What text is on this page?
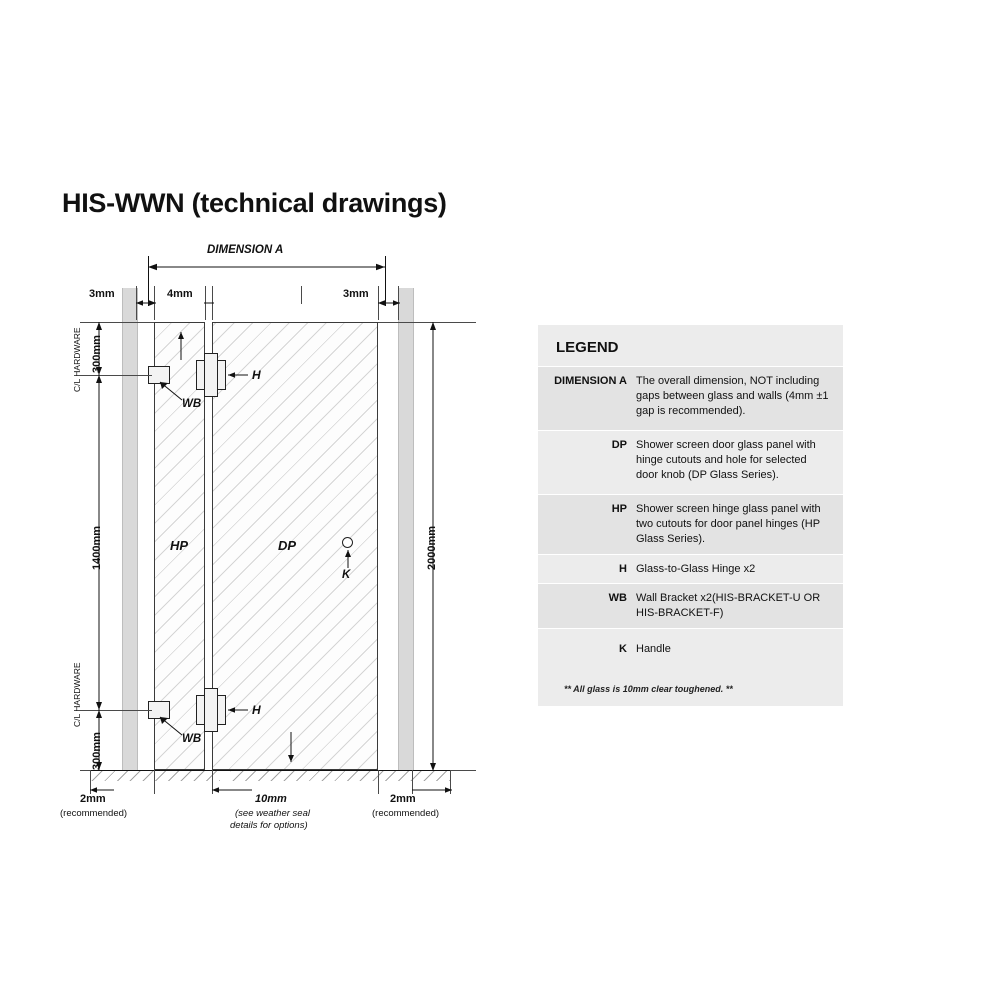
HIS-WWN (technical drawings)
DIMENSION A
3mm	4mm	3mm
HP	DP
H
H
WB
WB
K
300mm
1400mm
300mm
C/L HARDWARE
C/L HARDWARE
2000mm
2mm
(recommended)
10mm
(see weather seal
details for options)
2mm
(recommended)
LEGEND
DIMENSION A The overall dimension, NOT including gaps between glass and walls (4mm ±1 gap is recommended).
DP Shower screen door glass panel with hinge cutouts and hole for selected door knob (DP Glass Series).
HP Shower screen hinge glass panel with two cutouts for door panel hinges (HP Glass Series).
H Glass-to-Glass Hinge x2
WB Wall Bracket x2(HIS-BRACKET-U OR HIS-BRACKET-F)
K Handle
** All glass is 10mm clear toughened. **
